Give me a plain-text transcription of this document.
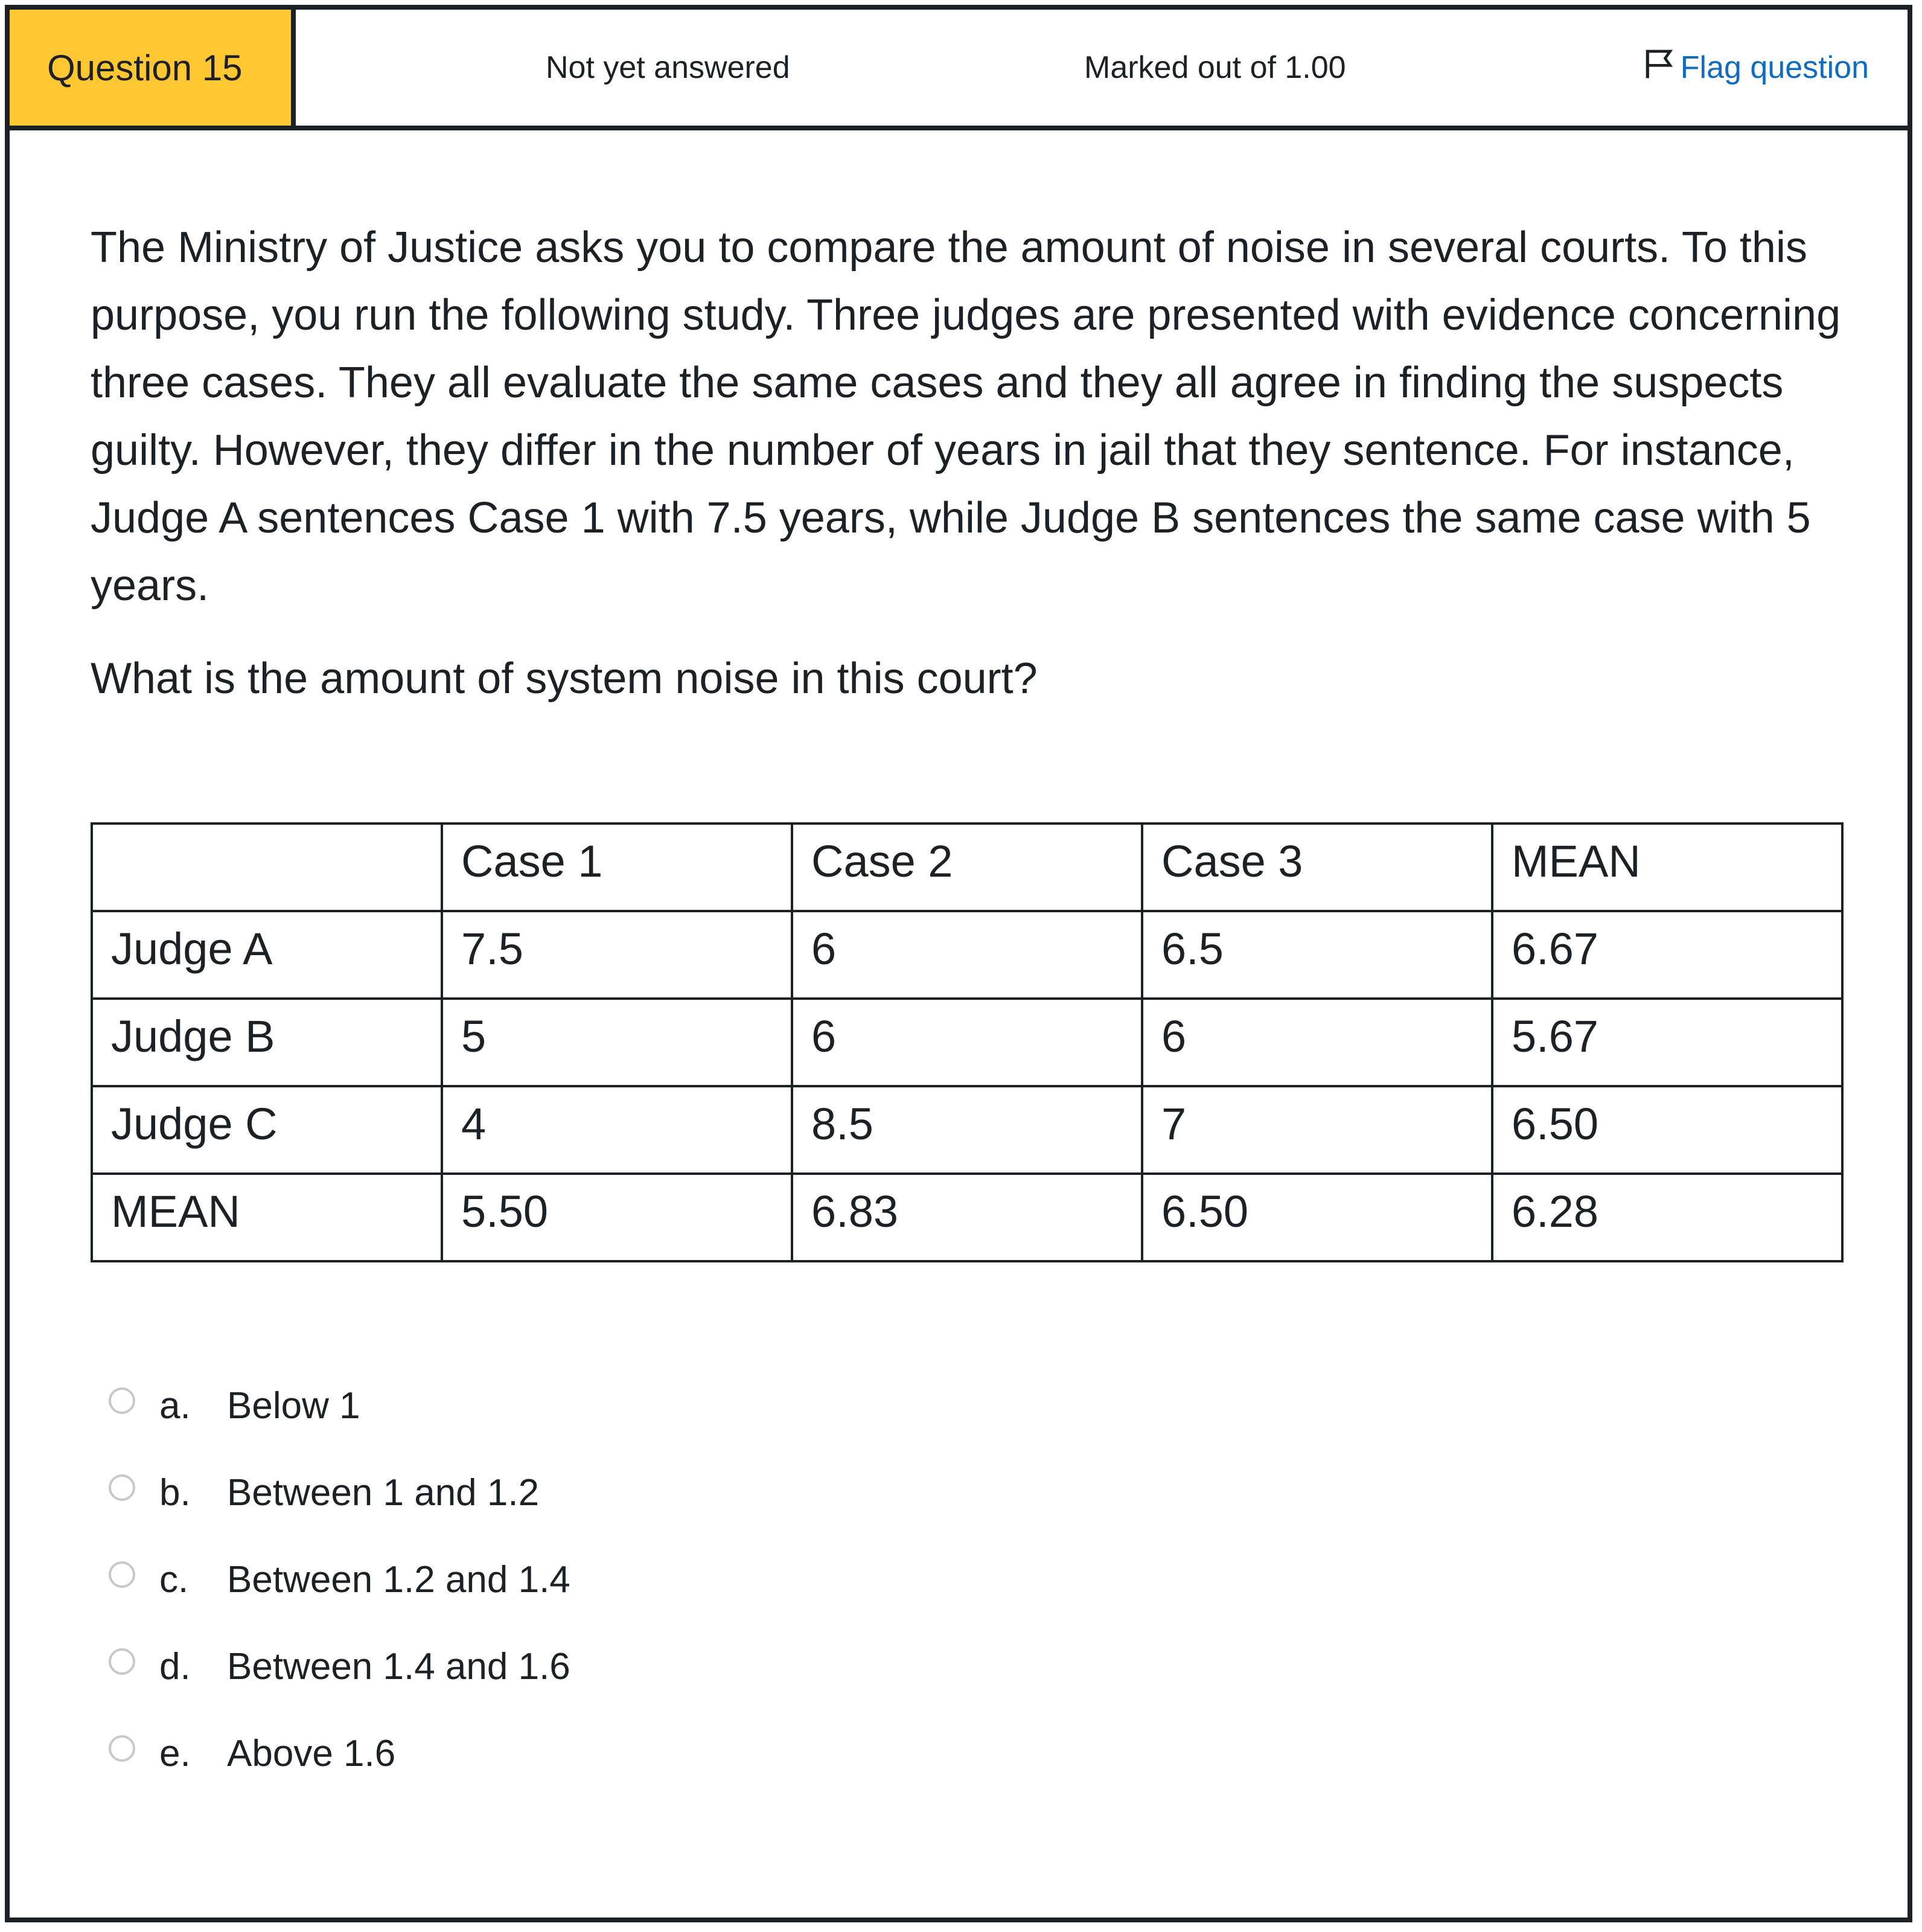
Question 15	Not yet answered	Marked out of 1.00	Flag question

The Ministry of Justice asks you to compare the amount of noise in several courts. To this purpose, you run the following study. Three judges are presented with evidence concerning three cases. They all evaluate the same cases and they all agree in finding the suspects guilty. However, they differ in the number of years in jail that they sentence. For instance, Judge A sentences Case 1 with 7.5 years, while Judge B sentences the same case with 5 years.

What is the amount of system noise in this court?
	Case 1	Case 2	Case 3	MEAN
Judge A	7.5	6	6.5	6.67
Judge B	5	6	6	5.67
Judge C	4	8.5	7	6.50
MEAN	5.50	6.83	6.50	6.28
a. Below 1
b. Between 1 and 1.2
c.	Between 1.2 and 1.4
d. Between 1.4 and 1.6
e. Above 1.6
